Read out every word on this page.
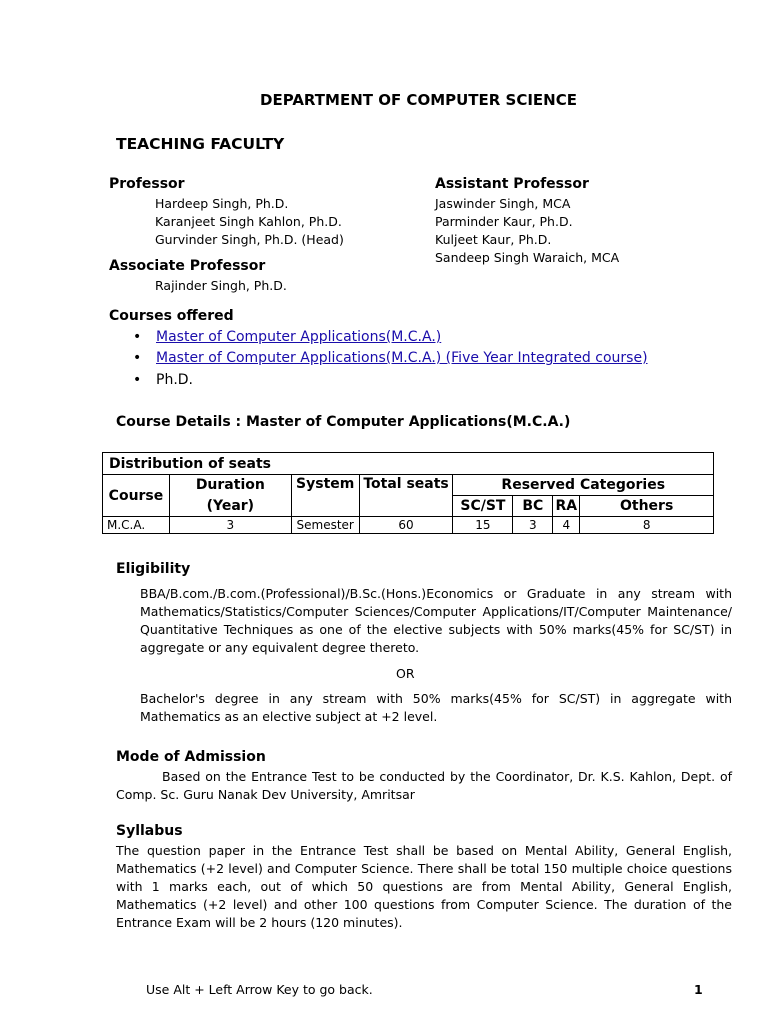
DEPARTMENT OF COMPUTER SCIENCE
TEACHING FACULTY
Professor
Hardeep Singh, Ph.D.
Karanjeet Singh Kahlon, Ph.D.
Gurvinder Singh, Ph.D. (Head)
Associate Professor
Rajinder Singh, Ph.D.
Assistant Professor
Jaswinder Singh, MCA
Parminder Kaur, Ph.D.
Kuljeet Kaur, Ph.D.
Sandeep Singh Waraich, MCA
Courses offered
• Master of Computer Applications(M.C.A.)
• Master of Computer Applications(M.C.A.) (Five Year Integrated course)
• Ph.D.
Course Details : Master of Computer Applications(M.C.A.)
Distribution of seats							
Course	Duration	System	Total seats	Reserved Categories			
	(Year)			SC/ST	BC	RA	Others
M.C.A.	3	Semester	60	15	3	4	8
Eligibility
BBA/B.com./B.com.(Professional)/B.Sc.(Hons.)Economics or Graduate in any stream with Mathematics/Statistics/Computer Sciences/Computer Applications/IT/Computer Maintenance/ Quantitative Techniques as one of the elective subjects with 50% marks(45% for SC/ST) in aggregate or any equivalent degree thereto.
OR
Bachelor's degree in any stream with 50% marks(45% for SC/ST) in aggregate with Mathematics as an elective subject at +2 level.
Mode of Admission
Based on the Entrance Test to be conducted by the Coordinator, Dr. K.S. Kahlon, Dept. of Comp. Sc. Guru Nanak Dev University, Amritsar
Syllabus
The question paper in the Entrance Test shall be based on Mental Ability, General English, Mathematics (+2 level) and Computer Science. There shall be total 150 multiple choice questions with 1 marks each, out of which 50 questions are from Mental Ability, General English, Mathematics (+2 level) and other 100 questions from Computer Science. The duration of the Entrance Exam will be 2 hours (120 minutes).
Use Alt + Left Arrow Key to go back.	1
